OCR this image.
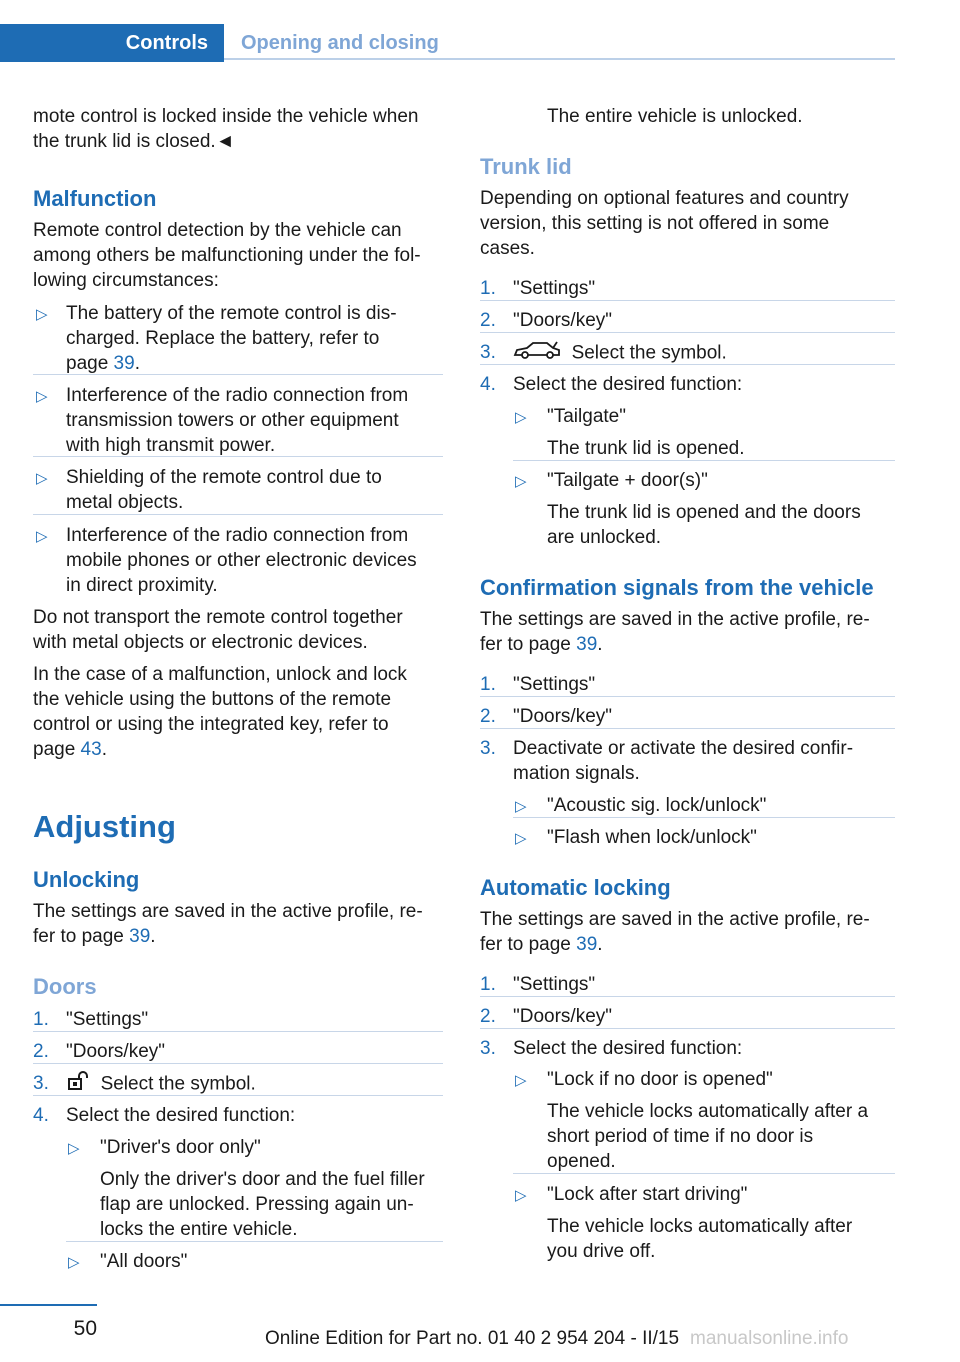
Controls	Opening and closing
mote control is locked inside the vehicle when
the trunk lid is closed.◄
Malfunction
Remote control detection by the vehicle can
among others be malfunctioning under the fol‐
lowing circumstances:
▷ The battery of the remote control is dis‐
charged. Replace the battery, refer to
page 39.
▷ Interference of the radio connection from
transmission towers or other equipment
with high transmit power.
▷ Shielding of the remote control due to
metal objects.
▷ Interference of the radio connection from
mobile phones or other electronic devices
in direct proximity.
Do not transport the remote control together
with metal objects or electronic devices.
In the case of a malfunction, unlock and lock
the vehicle using the buttons of the remote
control or using the integrated key, refer to
page 43.
Adjusting
Unlocking
The settings are saved in the active profile, re‐
fer to page 39.
Doors
1. "Settings"
2. "Doors/key"
3.	Select the symbol.
4. Select the desired function:
▷ "Driver's door only"
Only the driver's door and the fuel filler
flap are unlocked. Pressing again un‐
locks the entire vehicle.
▷ "All doors"
The entire vehicle is unlocked.
Trunk lid
Depending on optional features and country
version, this setting is not offered in some
cases.
1. "Settings"
2. "Doors/key"
3.	Select the symbol.
4. Select the desired function:
▷ "Tailgate"
The trunk lid is opened.
▷ "Tailgate + door(s)"
The trunk lid is opened and the doors
are unlocked.
Confirmation signals from the vehicle
The settings are saved in the active profile, re‐
fer to page 39.
1. "Settings"
2. "Doors/key"
3. Deactivate or activate the desired confir‐
mation signals.
▷ "Acoustic sig. lock/unlock"
▷ "Flash when lock/unlock"
Automatic locking
The settings are saved in the active profile, re‐
fer to page 39.
1. "Settings"
2. "Doors/key"
3. Select the desired function:
▷ "Lock if no door is opened"
The vehicle locks automatically after a
short period of time if no door is
opened.
▷ "Lock after start driving"
The vehicle locks automatically after
you drive off.
50	Online Edition for Part no. 01 40 2 954 204 - II/15 manualsonline.info
